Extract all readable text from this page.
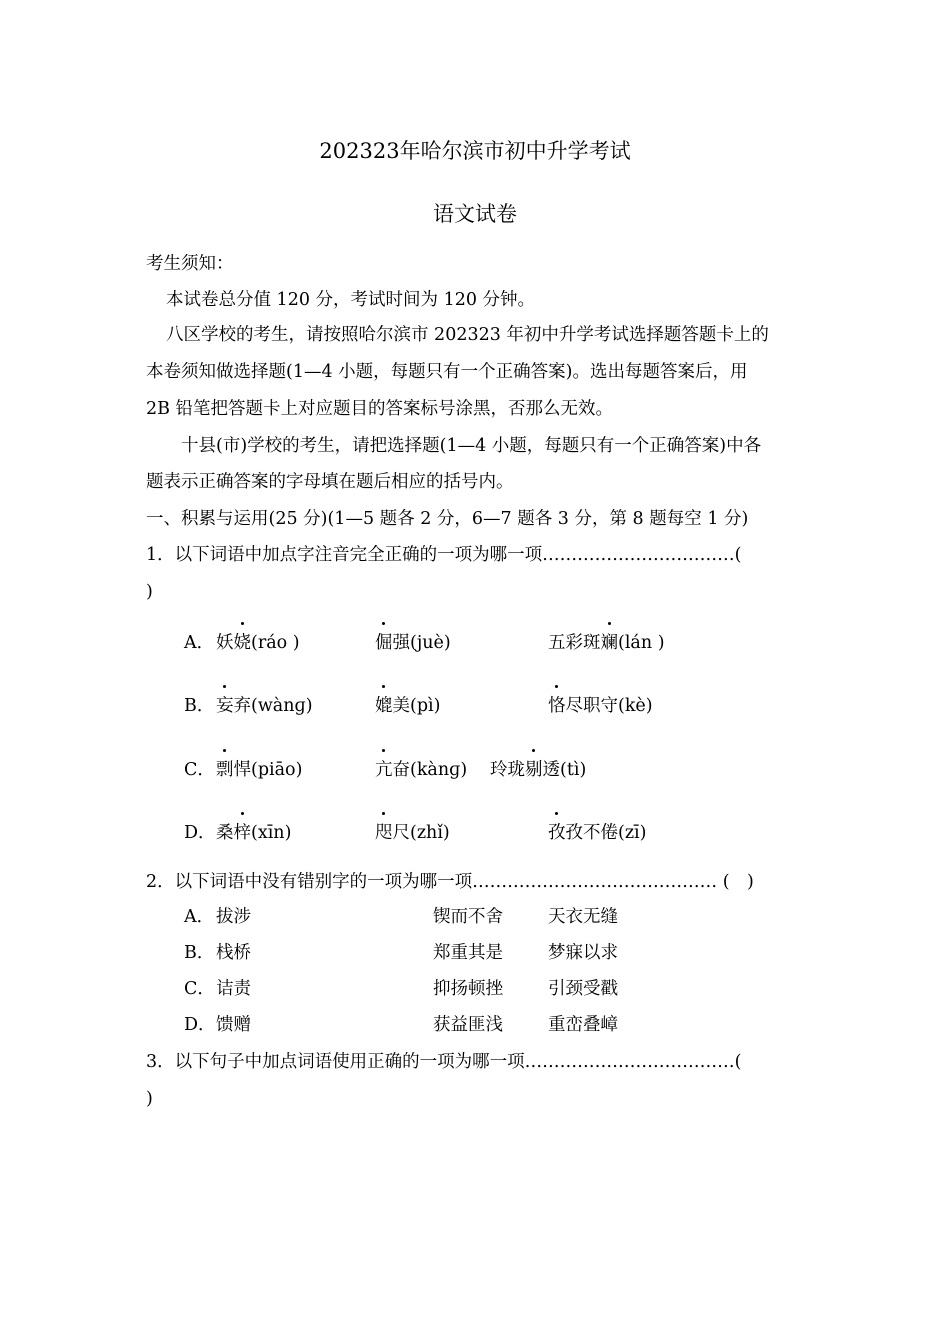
202323年哈尔滨市初中升学考试
语文试卷
考生须知：
本试卷总分值 120 分，考试时间为 120 分钟。
八区学校的考生，请按照哈尔滨市 202323 年初中升学考试选择题答题卡上的
本卷须知做选择题(1—4 小题，每题只有一个正确答案)。选出每题答案后，用
2B 铅笔把答题卡上对应题目的答案标号涂黑，否那么无效。
十县(市)学校的考生，请把选择题(1—4 小题，每题只有一个正确答案)中各
题表示正确答案的字母填在题后相应的括号内。
一、积累与运用(25 分)(1—5 题各 2 分，6—7 题各 3 分，第 8 题每空 1 分)
1．以下词语中加点字注音完全正确的一项为哪一项……………………………(
)
A． 妖娆(ráo )	倔强(juè)	五彩斑斓(lán )
B． 妄弃(wànɡ)	媲美(pì)	恪尽职守(kè)
C． 剽悍(piāo)	亢奋(kànɡ) 玲珑剔透(tì)
D． 桑梓(xīn)	咫尺(zhǐ)	孜孜不倦(zī)
2．以下词语中没有错别字的一项为哪一项…………………………………… (　)
A． 拔涉	锲而不舍	天衣无缝
B． 栈桥	郑重其是	梦寐以求
C． 诘责	抑扬顿挫	引颈受戳
D． 馈赠	获益匪浅	重峦叠嶂
3．以下句子中加点词语使用正确的一项为哪一项………………………………(
)
